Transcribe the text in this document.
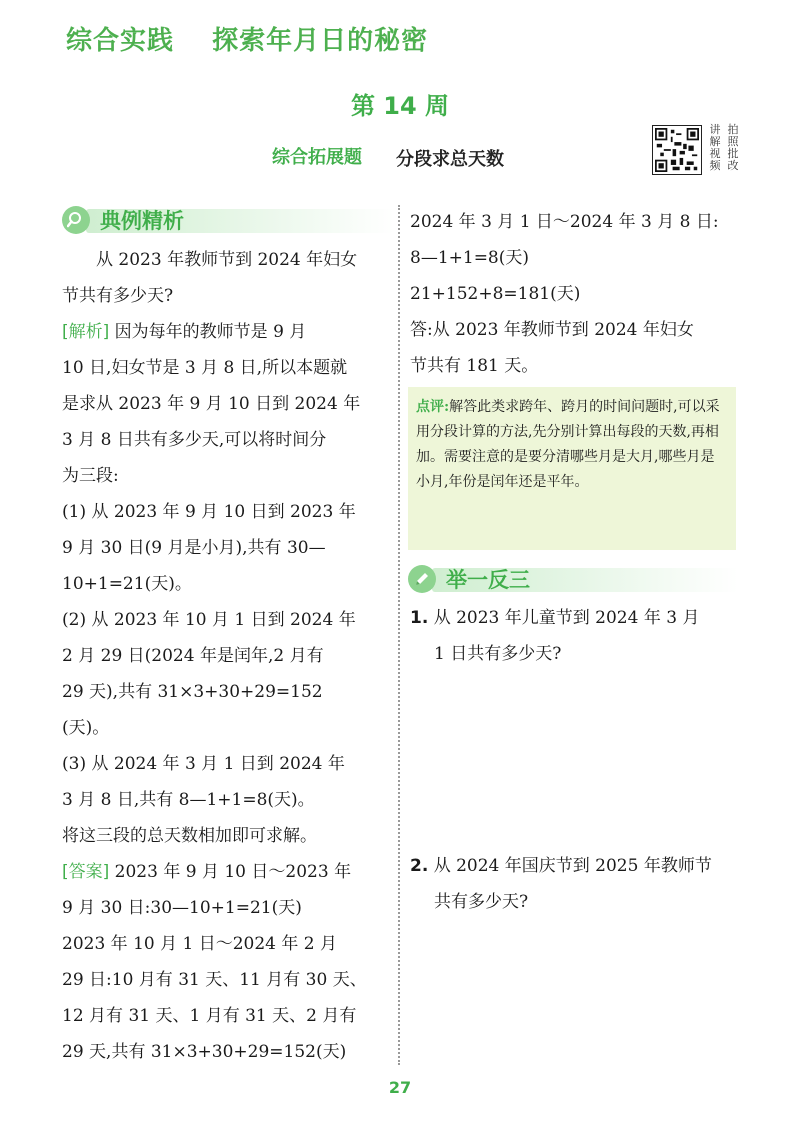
综合实践 探索年月日的秘密
第 14 周
综合拓展题 分段求总天数
讲 拍
解 照
视 批
频 改
典例精析

从 2023 年教师节到 2024 年妇女

节共有多少天?

[解析] 因为每年的教师节是 9 月

10 日,妇女节是 3 月 8 日,所以本题就

是求从 2023 年 9 月 10 日到 2024 年

3 月 8 日共有多少天,可以将时间分

为三段:

(1) 从 2023 年 9 月 10 日到 2023 年

9 月 30 日(9 月是小月),共有 30—

10+1=21(天)。

(2) 从 2023 年 10 月 1 日到 2024 年

2 月 29 日(2024 年是闰年,2 月有

29 天),共有 31×3+30+29=152

(天)。

(3) 从 2024 年 3 月 1 日到 2024 年

3 月 8 日,共有 8—1+1=8(天)。

将这三段的总天数相加即可求解。

[答案] 2023 年 9 月 10 日～2023 年

9 月 30 日:30—10+1=21(天)

2023 年 10 月 1 日～2024 年 2 月

29 日:10 月有 31 天、11 月有 30 天、

12 月有 31 天、1 月有 31 天、2 月有

29 天,共有 31×3+30+29=152(天)

2024 年 3 月 1 日～2024 年 3 月 8 日:

8—1+1=8(天)

21+152+8=181(天)

答:从 2023 年教师节到 2024 年妇女

节共有 181 天。

点评:解答此类求跨年、跨月的时间问题时,可以采用分段计算的方法,先分别计算出每段的天数,再相加。需要注意的是要分清哪些月是大月,哪些月是小月,年份是闰年还是平年。
举一反三

1. 从 2023 年儿童节到 2024 年 3 月

1 日共有多少天?

2. 从 2024 年国庆节到 2025 年教师节

共有多少天?

27
